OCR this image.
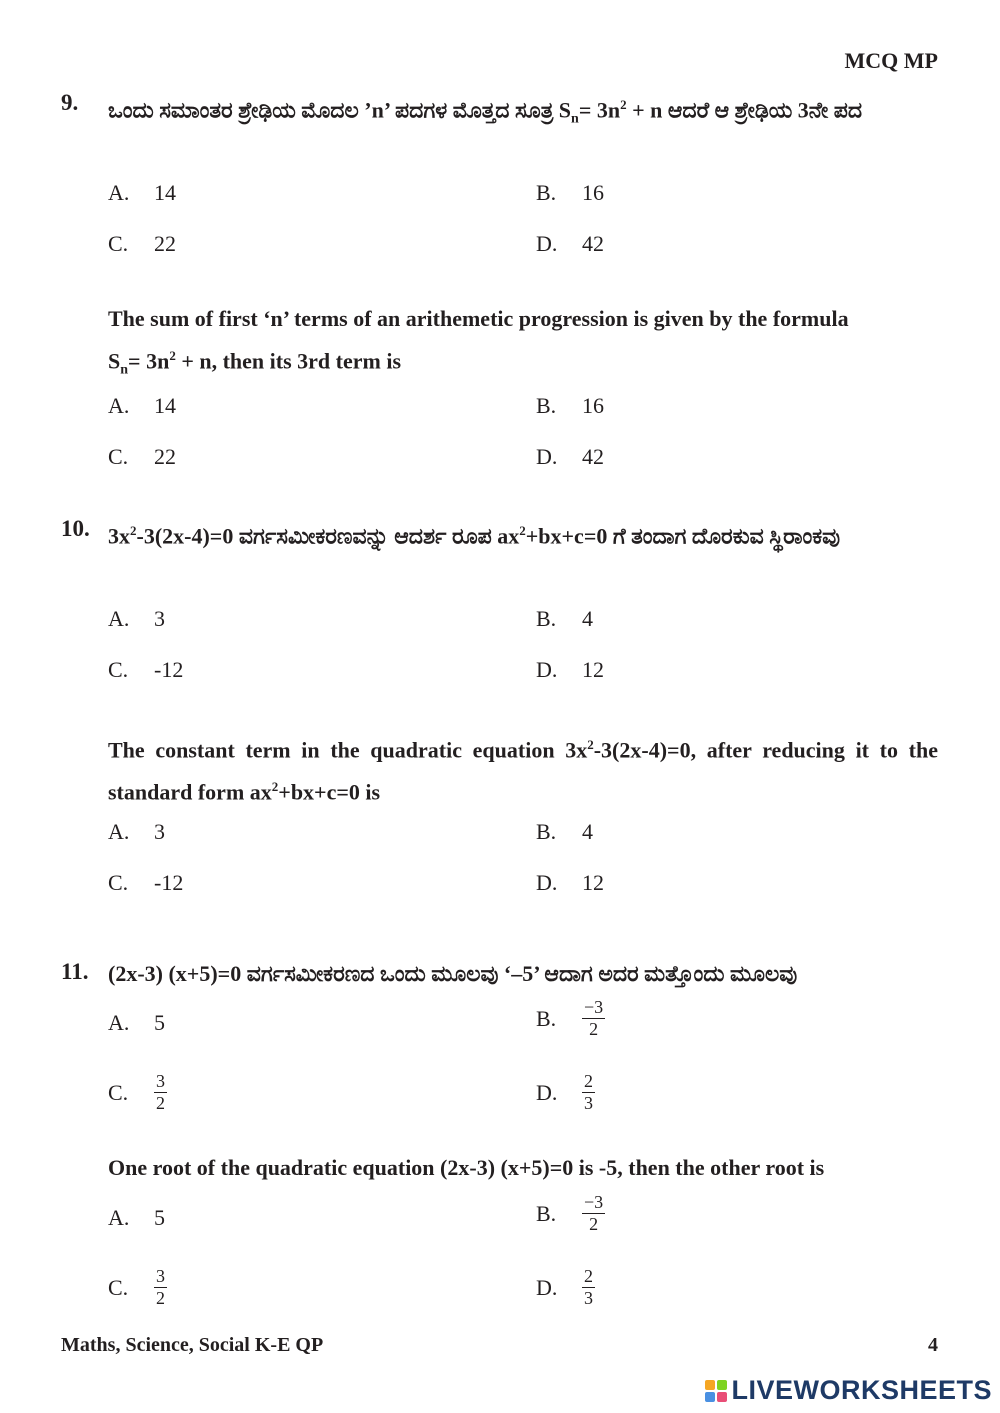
MCQ MP
9. ಒಂದು ಸಮಾಂತರ ಶ್ರೇಢಿಯ ಮೊದಲ ’n’ ಪದಗಳ ಮೊತ್ತದ ಸೂತ್ರ $S_n= 3n^2 + n$ ಆದರೆ ಆ ಶ್ರೇಢಿಯ 3ನೇ ಪದ
A.	14	B.	16
C.	22	D.	42
The sum of first ‘n’ terms of an arithemetic progression is given by the formula
$S_n= 3n^2 + n$, then its 3rd term is
A.	14	B.	16
C.	22	D.	42
10. $3x^2-3(2x-4)=0$ ವರ್ಗಸಮೀಕರಣವನ್ನು ಆದರ್ಶ ರೂಪ $ax^2+bx+c=0$ ಗೆ ತಂದಾಗ ದೊರಕುವ ಸ್ಥಿರಾಂಕವು
A.	3	B.	4
C.	-12	D.	12
The constant term in the quadratic equation $3x^2-3(2x-4)=0$, after reducing it to the standard form $ax^2+bx+c=0$ is
A.	3	B.	4
C.	-12	D.	12
11. (2x-3) (x+5)=0 ವರ್ಗಸಮೀಕರಣದ ಒಂದು ಮೂಲವು ‘–5’ ಆದಾಗ ಅದರ ಮತ್ತೊಂದು ಮೂಲವು
A.	5	B.	$\frac{-3}{2}$
C.	$\frac{3}{2}$	D.	$\frac{2}{3}$
One root of the quadratic equation (2x-3) (x+5)=0 is -5, then the other root is
A.	5	B.	$\frac{-3}{2}$
C.	$\frac{3}{2}$	D.	$\frac{2}{3}$
Maths, Science, Social K-E QP	4
LIVEWORKSHEETS
